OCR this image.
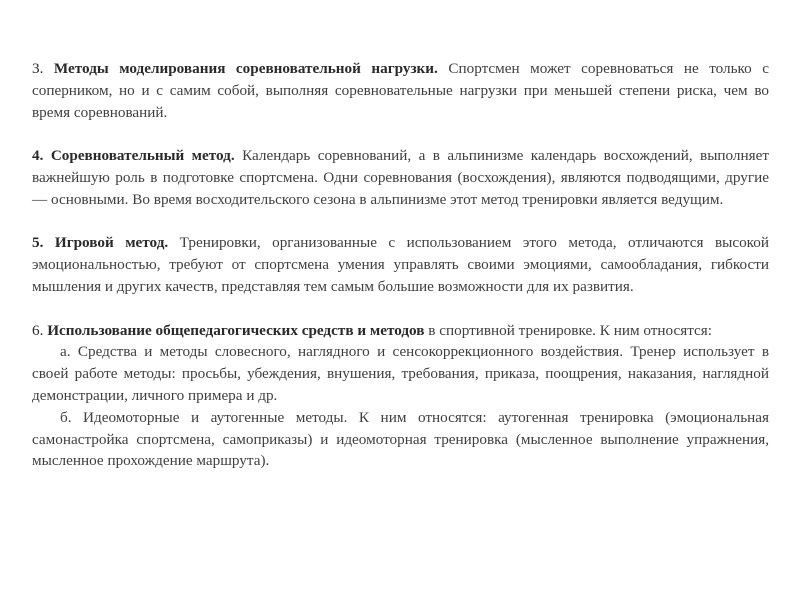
3. Методы моделирования соревновательной нагрузки. Спортсмен может соревноваться не только с соперником, но и с самим собой, выполняя соревновательные нагрузки при меньшей степени риска, чем во время соревнований.

4. Соревновательный метод. Календарь соревнований, а в альпинизме календарь восхождений, выполняет важнейшую роль в подготовке спортсмена. Одни соревнования (восхождения), являются подводящими, другие — основными. Во время восходительского сезона в альпинизме этот метод тренировки является ведущим.

5. Игровой метод. Тренировки, организованные с использованием этого метода, отличаются высокой эмоциональностью, требуют от спортсмена умения управлять своими эмоциями, самообладания, гибкости мышления и других качеств, представляя тем самым большие возможности для их развития.

6. Использование общепедагогических средств и методов в спортивной тренировке. К ним относятся:

а. Средства и методы словесного, наглядного и сенсокоррекционного воздействия. Тренер использует в своей работе методы: просьбы, убеждения, внушения, требования, приказа, поощрения, наказания, наглядной демонстрации, личного примера и др.

б. Идеомоторные и аутогенные методы. К ним относятся: аутогенная тренировка (эмоциональная самонастройка спортсмена, самоприказы) и идеомоторная тренировка (мысленное выполнение упражнения, мысленное прохождение маршрута).
